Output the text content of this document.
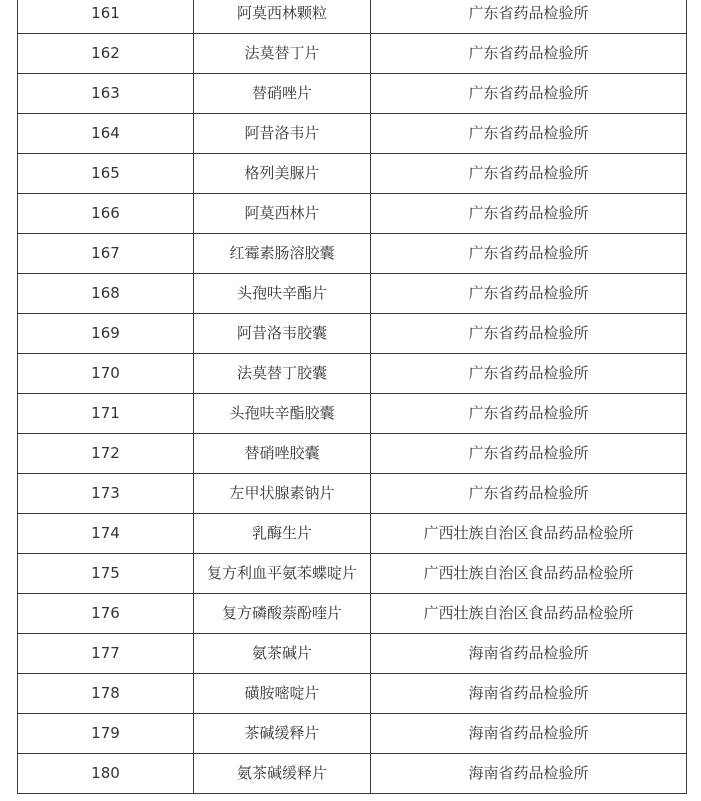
161	阿莫西林颗粒	广东省药品检验所

162	法莫替丁片	广东省药品检验所

163	替硝唑片	广东省药品检验所

164	阿昔洛韦片	广东省药品检验所

165	格列美脲片	广东省药品检验所

166	阿莫西林片	广东省药品检验所

167	红霉素肠溶胶囊	广东省药品检验所

168	头孢呋辛酯片	广东省药品检验所

169	阿昔洛韦胶囊	广东省药品检验所

170	法莫替丁胶囊	广东省药品检验所

171	头孢呋辛酯胶囊	广东省药品检验所

172	替硝唑胶囊	广东省药品检验所

173	左甲状腺素钠片	广东省药品检验所

174	乳酶生片	广西壮族自治区食品药品检验所

175	复方利血平氨苯蝶啶片	广西壮族自治区食品药品检验所

176	复方磷酸萘酚喹片	广西壮族自治区食品药品检验所

177	氨茶碱片	海南省药品检验所

178	磺胺嘧啶片	海南省药品检验所

179	茶碱缓释片	海南省药品检验所

180	氨茶碱缓释片	海南省药品检验所
